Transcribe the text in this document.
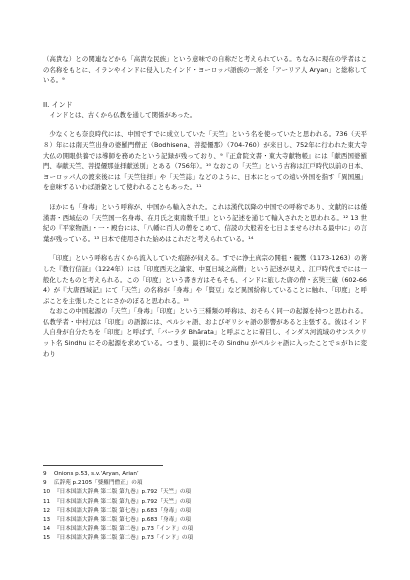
（高貴な）との関連などから「高貴な民族」という意味での自称だと考えられている。ちなみに現在の学者はこの名称をもとに、イランやインドに侵入したインド・ヨーロッパ語族の一派を「アーリア人 Aryan」と総称している。⁹

II. インド

インドとは、古くから仏教を通して関係があった。

少なくとも奈良時代には、中国ですでに成立していた「天竺」という名を使っていたと思われる。736（天平８）年には南天竺出身の婆羅門僧正（Bodhisena、菩提僊那）（704-760）が来日し、752年に行われた東大寺大仏の開眼供養では導師を務めたという記録が残っており、⁹『正倉院文書・東大寺献物帳』には「献西国婆羅門、奉献天竺、菩提僊那並拝献送別」とある（756年）。¹⁰ なおこの「天竺」という古称は江戸時代以前の日本、ヨーロッパ人の渡来後には「天竺往拝」や「天竺誌」などのように、日本にとっての遠い外国を指す「異国風」を意味するいわば語彙として使われることもあった。¹¹

ほかにも「身毒」という呼称が、中国から輸入された。これは漢代以降の中国での呼称であり、文献的には倭漢書・西域伝の「天竺国一名身毒、在月氏之東南数千里」という記述を通じて輸入されたと思われる。¹² 13 世紀の『平家物語』・一・殿台には、「八幡に百人の僧をこめて、信読の大般若を七日よませらけれる最中に」の言葉が残っている。¹³ 日本で使用された始めはこれだと考えられている。¹⁴

「印度」という呼称も古くから流入していた痕跡が伺える。すでに浄土真宗の開祖・親鸞（1173-1263）の著した『教行信証』（1224年）には「印度西天之論家、中夏日域之高僧」という記述が見え、江戸時代までには一般化したものと考えられる。この「印度」という書き方はそもそも、インドに旅した唐の僧・玄奘三蔵（602-664）が『大唐西域記』にて「天竺」の名称が「身毒」や「賢豆」など異国紛称していることに触れ、「印度」と呼ぶことを主張したことにさかのぼると思われる。¹⁵

なおこの中国起源の「天竺」「身毒」「印度」という三種類の呼称は、おそらく同一の起源を持つと思われる。仏教学者・中村元は「印度」の語源には、ペルシャ語、およびギリシャ語の影響があると主張する。彼はインド人自身が自分たちを「印度」と呼ばず、「バーラタ Bhārata」と呼ぶことに着目し、インダス河流域のサンスクリット名 Sindhu にその起源を求めている。つまり、最初にその Sindhu がペルシャ語に入ったことでｓがｈに変わり

9 Onions p.53, s.v.‘Aryan, Arian’
9 広辞苑 p.2105「婆羅門僧正」の項
10 『日本国語大辞典 第二版 第九巻』p.792「天竺」の項
11 『日本国語大辞典 第二版 第九巻』p.792「天竺」の項
12 『日本国語大辞典 第二版 第七巻』p.683「身毒」の項
13 『日本国語大辞典 第二版 第七巻』p.683「身毒」の項
14 『日本国語大辞典 第二版 第二巻』p.73「インド」の項
15 『日本国語大辞典 第二版 第二巻』p.73「インド」の項
